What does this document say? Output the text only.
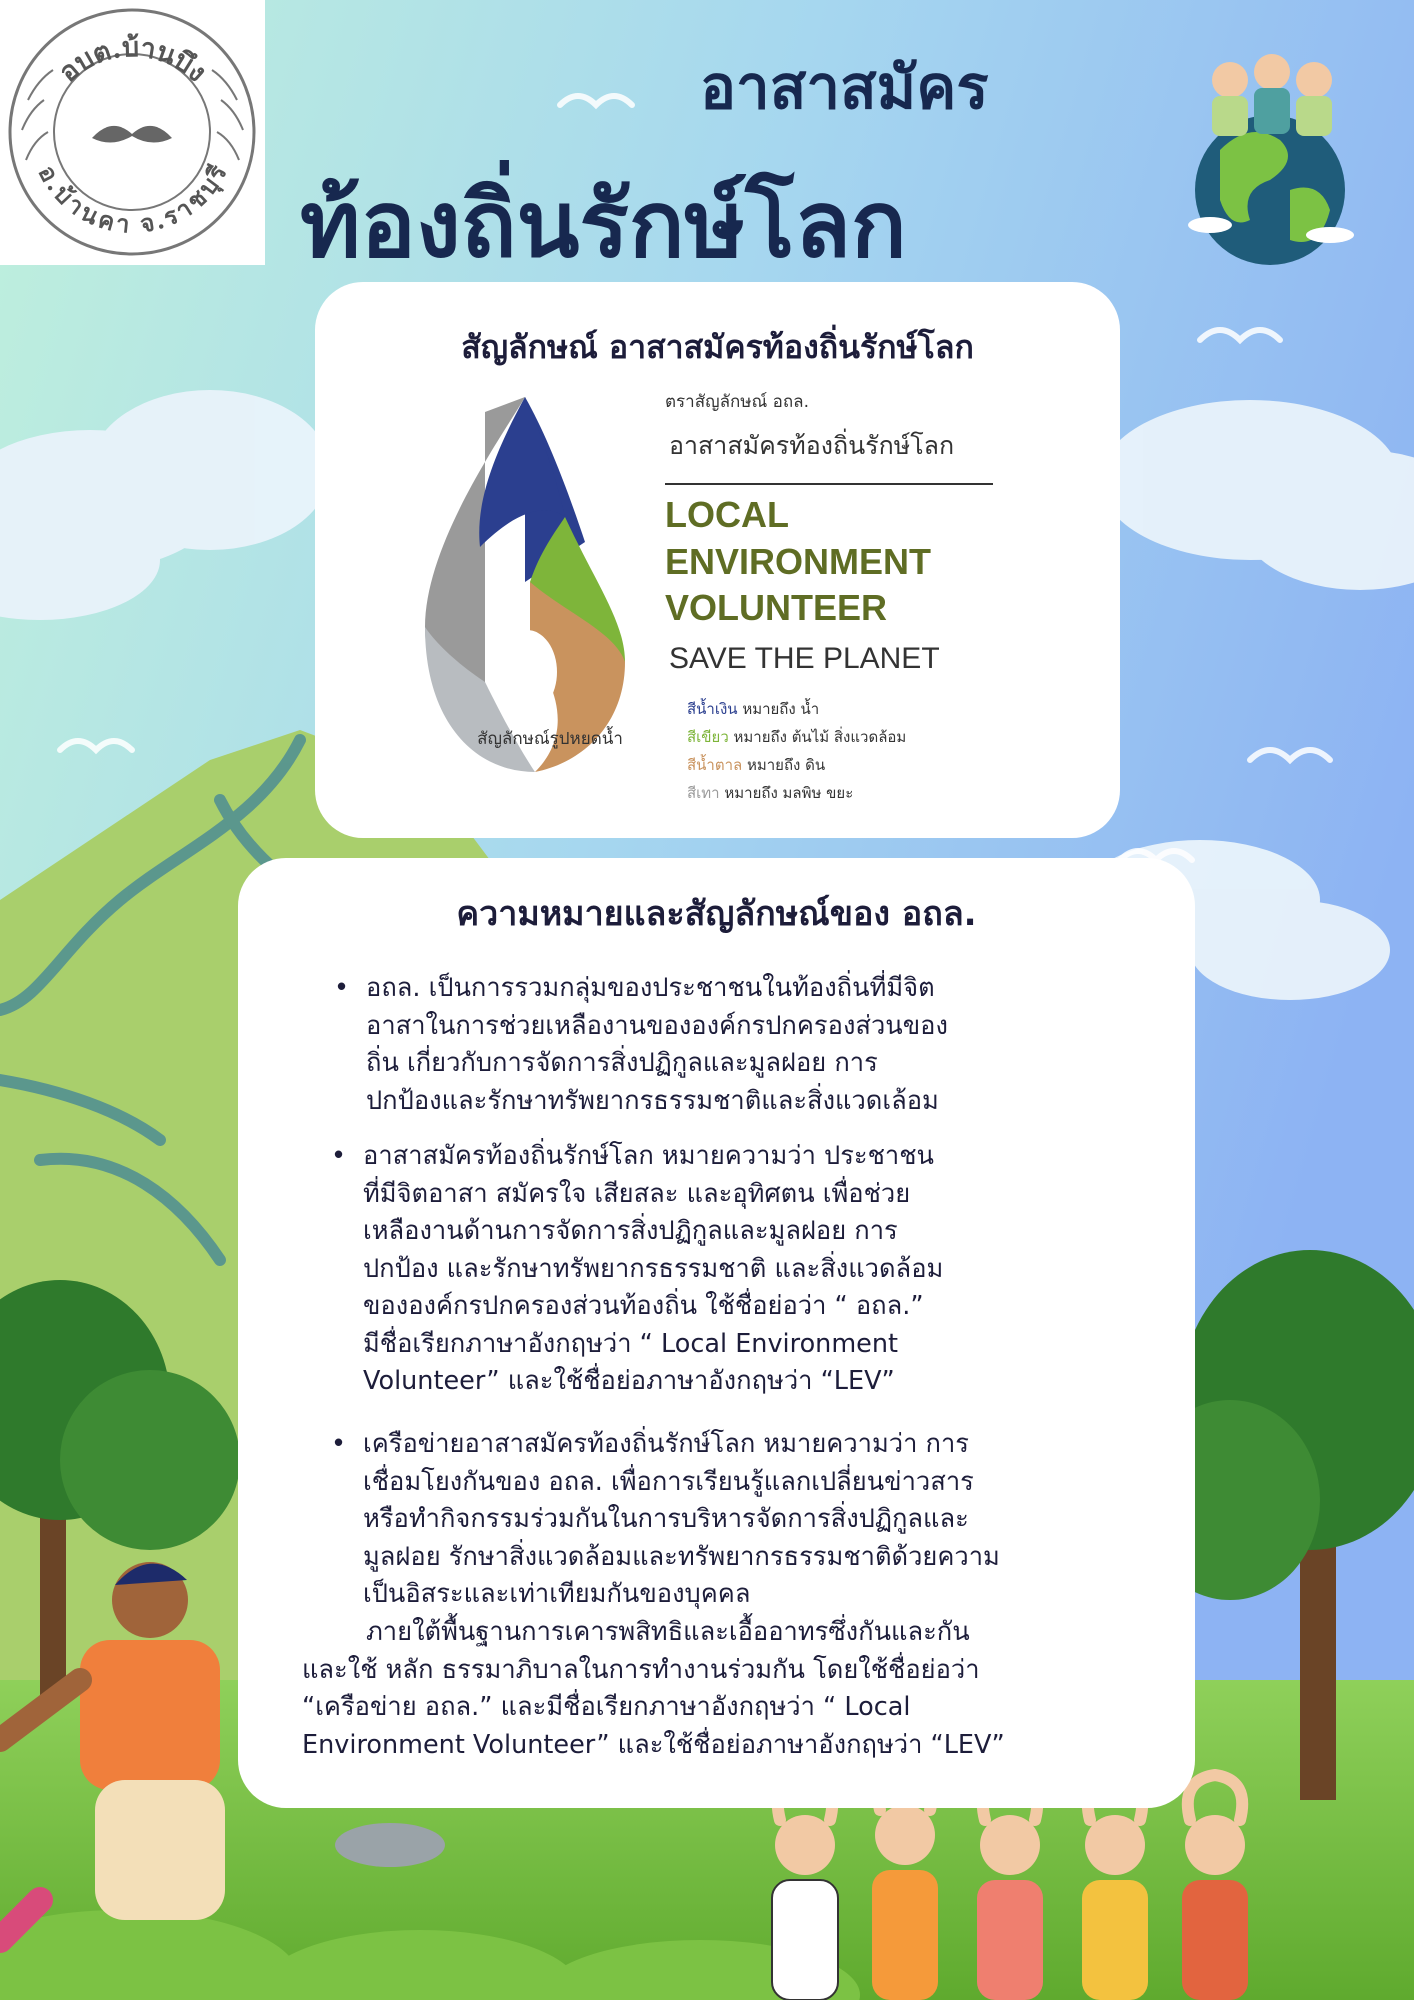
อบต.บ้านบึง
อ.บ้านคา จ.ราชบุรี
อาสาสมัคร
ท้องถิ่นรักษ์โลก
สัญลักษณ์ อาสาสมัครท้องถิ่นรักษ์โลก
สัญลักษณ์รูปหยดน้ำ
ตราสัญลักษณ์ อถล.
อาสาสมัครท้องถิ่นรักษ์โลก
LOCAL
ENVIRONMENT
VOLUNTEER
SAVE THE PLANET
สีน้ำเงิน หมายถึง น้ำ
สีเขียว หมายถึง ต้นไม้ สิ่งแวดล้อม
สีน้ำตาล หมายถึง ดิน
สีเทา หมายถึง มลพิษ ขยะ
ความหมายและสัญลักษณ์ของ อถล.
• อถล. เป็นการรวมกลุ่มของประชาชนในท้องถิ่นที่มีจิต
อาสาในการช่วยเหลืองานขององค์กรปกครองส่วนของ
ถิ่น เกี่ยวกับการจัดการสิ่งปฏิกูลและมูลฝอย การ
ปกป้องและรักษาทรัพยากรธรรมชาติและสิ่งแวดเล้อม
• อาสาสมัครท้องถิ่นรักษ์โลก หมายความว่า ประชาชน
ที่มีจิตอาสา สมัครใจ เสียสละ และอุทิศตน เพื่อช่วย
เหลืองานด้านการจัดการสิ่งปฏิกูลและมูลฝอย การ
ปกป้อง และรักษาทรัพยากรธรรมชาติ และสิ่งแวดล้อม
ขององค์กรปกครองส่วนท้องถิ่น ใช้ชื่อย่อว่า “ อถล.”
มีชื่อเรียกภาษาอังกฤษว่า “ Local Environment
Volunteer” และใช้ชื่อย่อภาษาอังกฤษว่า “LEV”
• เครือข่ายอาสาสมัครท้องถิ่นรักษ์โลก หมายความว่า การ
เชื่อมโยงกันของ อถล. เพื่อการเรียนรู้แลกเปลี่ยนข่าวสาร
หรือทำกิจกรรมร่วมกันในการบริหารจัดการสิ่งปฏิกูลและ
มูลฝอย รักษาสิ่งแวดล้อมและทรัพยากรธรรมชาติด้วยความ
เป็นอิสระและเท่าเทียมกันของบุคคล
ภายใต้พื้นฐานการเคารพสิทธิและเอื้ออาทรซึ่งกันและกัน
และใช้ หลัก ธรรมาภิบาลในการทำงานร่วมกัน โดยใช้ชื่อย่อว่า
“เครือข่าย อถล.” และมีชื่อเรียกภาษาอังกฤษว่า “ Local
Environment Volunteer” และใช้ชื่อย่อภาษาอังกฤษว่า “LEV”
